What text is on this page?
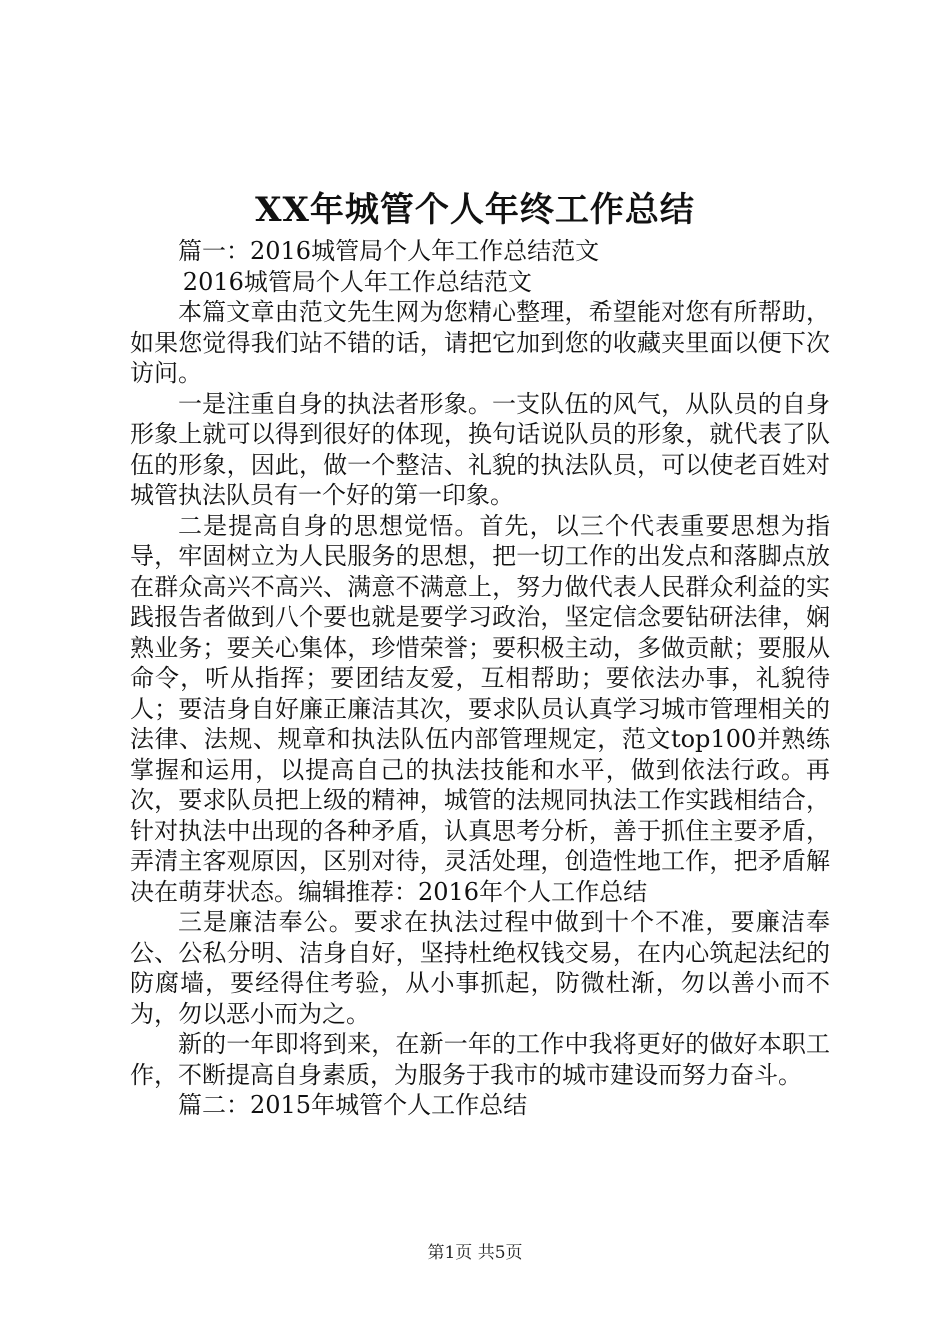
XX年城管个人年终工作总结

篇一：2016城管局个人年工作总结范文

2016城管局个人年工作总结范文

本篇文章由范文先生网为您精心整理，希望能对您有所帮助，如果您觉得我们站不错的话，请把它加到您的收藏夹里面以便下次访问。

一是注重自身的执法者形象。一支队伍的风气，从队员的自身形象上就可以得到很好的体现，换句话说队员的形象，就代表了队伍的形象，因此，做一个整洁、礼貌的执法队员，可以使老百姓对城管执法队员有一个好的第一印象。

二是提高自身的思想觉悟。首先，以三个代表重要思想为指导，牢固树立为人民服务的思想，把一切工作的出发点和落脚点放在群众高兴不高兴、满意不满意上，努力做代表人民群众利益的实践报告者做到八个要也就是要学习政治，坚定信念要钻研法律，娴熟业务；要关心集体，珍惜荣誉；要积极主动，多做贡献；要服从命令，听从指挥；要团结友爱，互相帮助；要依法办事，礼貌待人；要洁身自好廉正廉洁其次，要求队员认真学习城市管理相关的法律、法规、规章和执法队伍内部管理规定，范文top100并熟练掌握和运用，以提高自己的执法技能和水平，做到依法行政。再次，要求队员把上级的精神，城管的法规同执法工作实践相结合，针对执法中出现的各种矛盾，认真思考分析，善于抓住主要矛盾，弄清主客观原因，区别对待，灵活处理，创造性地工作，把矛盾解决在萌芽状态。编辑推荐：2016年个人工作总结

三是廉洁奉公。要求在执法过程中做到十个不准，要廉洁奉公、公私分明、洁身自好，坚持杜绝权钱交易，在内心筑起法纪的防腐墙，要经得住考验，从小事抓起，防微杜渐，勿以善小而不为，勿以恶小而为之。

新的一年即将到来，在新一年的工作中我将更好的做好本职工作，不断提高自身素质，为服务于我市的城市建设而努力奋斗。

篇二：2015年城管个人工作总结

第1页 共5页
